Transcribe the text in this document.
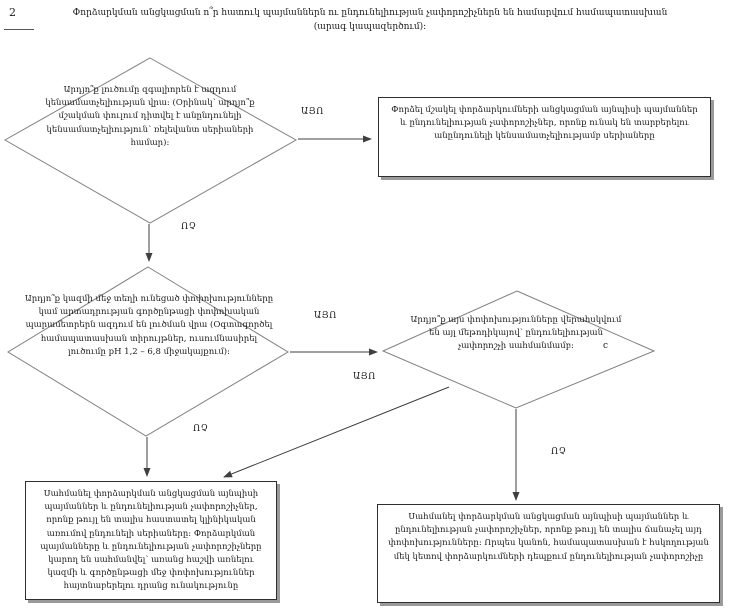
2	Փորձարկման անցկացման ո՞ր հատուկ պայմաններն ու ընդունելիության չափորոշիչներն են համարվում համապատասխան (արագ կապազերծում)։
Արդյո՞ք լուծումը զգալիորեն է ազդում կենսամատչելիության վրա։ (Օրինակ՝ արդյո՞ք մշակման փուլում դիտվել է անընդունելի կենսամատչելիություն՝ ռելեվանտ սերիաների համար)։
Արդյո՞ք կազմի մեջ տեղի ունեցած փոփոխությունները կամ արտադրության գործընթացի փոփոխական պարամետրերն ազդում են լուծման վրա (Օգտագործել համապատասխան տիրույթներ, ուսումնասիրել լուծումը pH 1,2 – 6,8 միջակայքում)։
Արդյո՞ք այս փոփոխությունները վերահսկվում են այլ մեթոդիկայով՝ ընդունելիության չափորոշչի սահմանմամբ։	c
Փորձել մշակել փորձարկումների անցկացման այնպիսի պայմաններ և ընդունելիության չափորոշիչներ, որոնք ունակ են տարբերելու անընդունելի կենսամատչելիությամբ սերիաները
Սահմանել փորձարկման անցկացման այնպիսի պայմաններ և ընդունելիության չափորոշիչներ, որոնք թույլ են տալիս հաստատել կլինիկական առումով ընդունելի սերիաները։ Փորձարկման պայմանները և ընդունելիության չափորոշիչները կարող են սահմանվել՝ առանց հաշվի առնելու կազմի և գործընթացի մեջ փոփոխություններ հայտնաբերելու դրանց ունակությունը
Սահմանել փորձարկման անցկացման այնպիսի պայմաններ և ընդունելիության չափորոշիչներ, որոնք թույլ են տալիս ճանաչել այդ փոփոխությունները։ Որպես կանոն, համապատասխան է հսկողության մեկ կետով փորձարկումների դեպքում ընդունելիության չափորոշիչը
ԱՅՈ
ՈՉ
ԱՅՈ
ԱՅՈ
ՈՉ
ՈՉ
